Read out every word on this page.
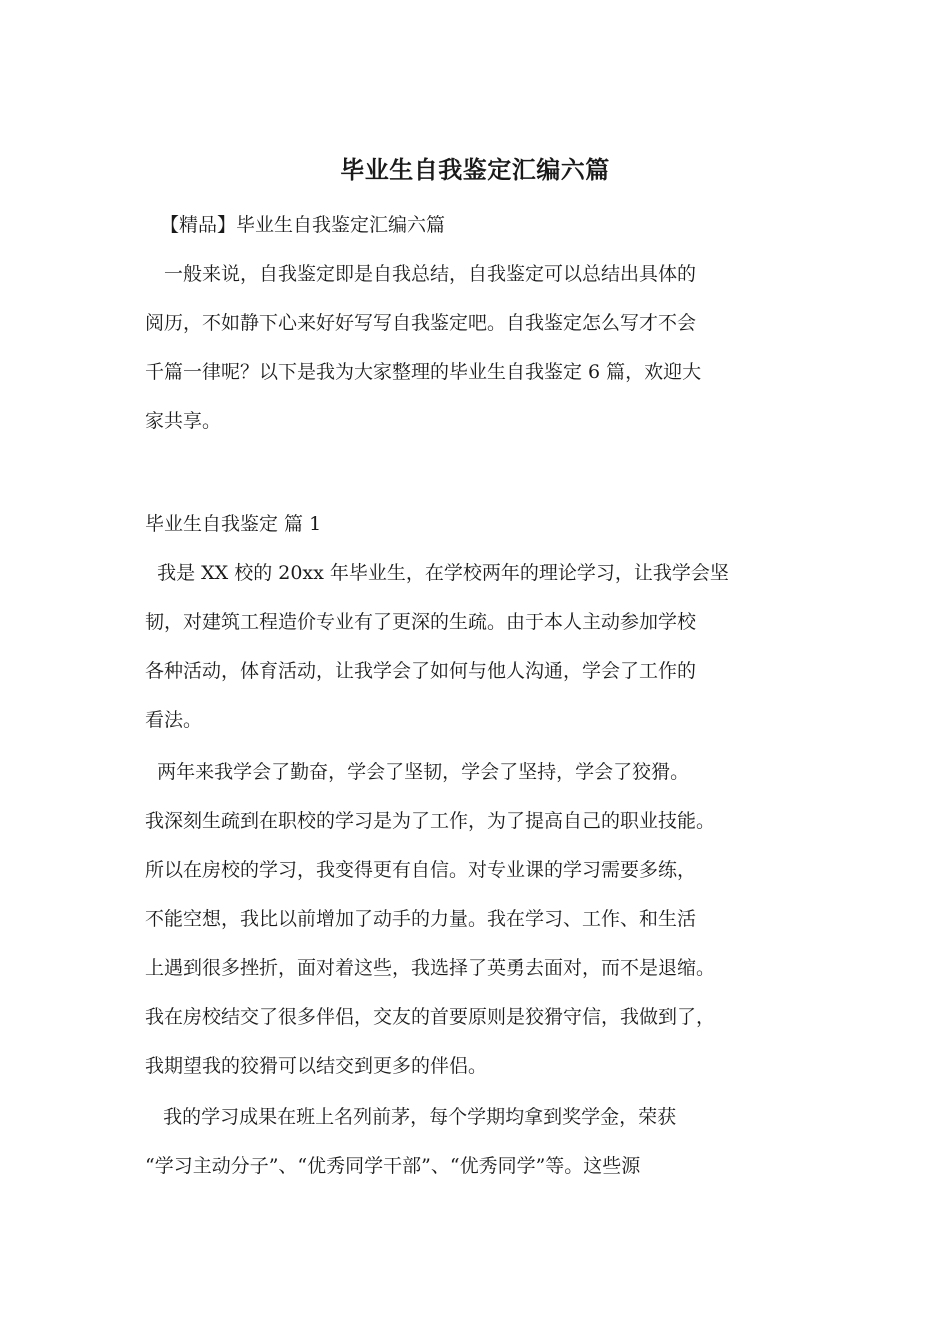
毕业生自我鉴定汇编六篇
【精品】毕业生自我鉴定汇编六篇
　一般来说，自我鉴定即是自我总结，自我鉴定可以总结出具体的
阅历，不如静下心来好好写写自我鉴定吧。自我鉴定怎么写才不会
千篇一律呢？以下是我为大家整理的毕业生自我鉴定 6 篇，欢迎大
家共享。
毕业生自我鉴定 篇 1
我是 XX 校的 20xx 年毕业生，在学校两年的理论学习，让我学会坚
韧，对建筑工程造价专业有了更深的生疏。由于本人主动参加学校
各种活动，体育活动，让我学会了如何与他人沟通，学会了工作的
看法。
两年来我学会了勤奋，学会了坚韧，学会了坚持，学会了狡猾。
我深刻生疏到在职校的学习是为了工作，为了提高自己的职业技能。
所以在房校的学习，我变得更有自信。对专业课的学习需要多练，
不能空想，我比以前增加了动手的力量。我在学习、工作、和生活
上遇到很多挫折，面对着这些，我选择了英勇去面对，而不是退缩。
我在房校结交了很多伴侣，交友的首要原则是狡猾守信，我做到了，
我期望我的狡猾可以结交到更多的伴侣。
我的学习成果在班上名列前茅，每个学期均拿到奖学金，荣获
“学习主动分子”、“优秀同学干部”、“优秀同学”等。这些源
